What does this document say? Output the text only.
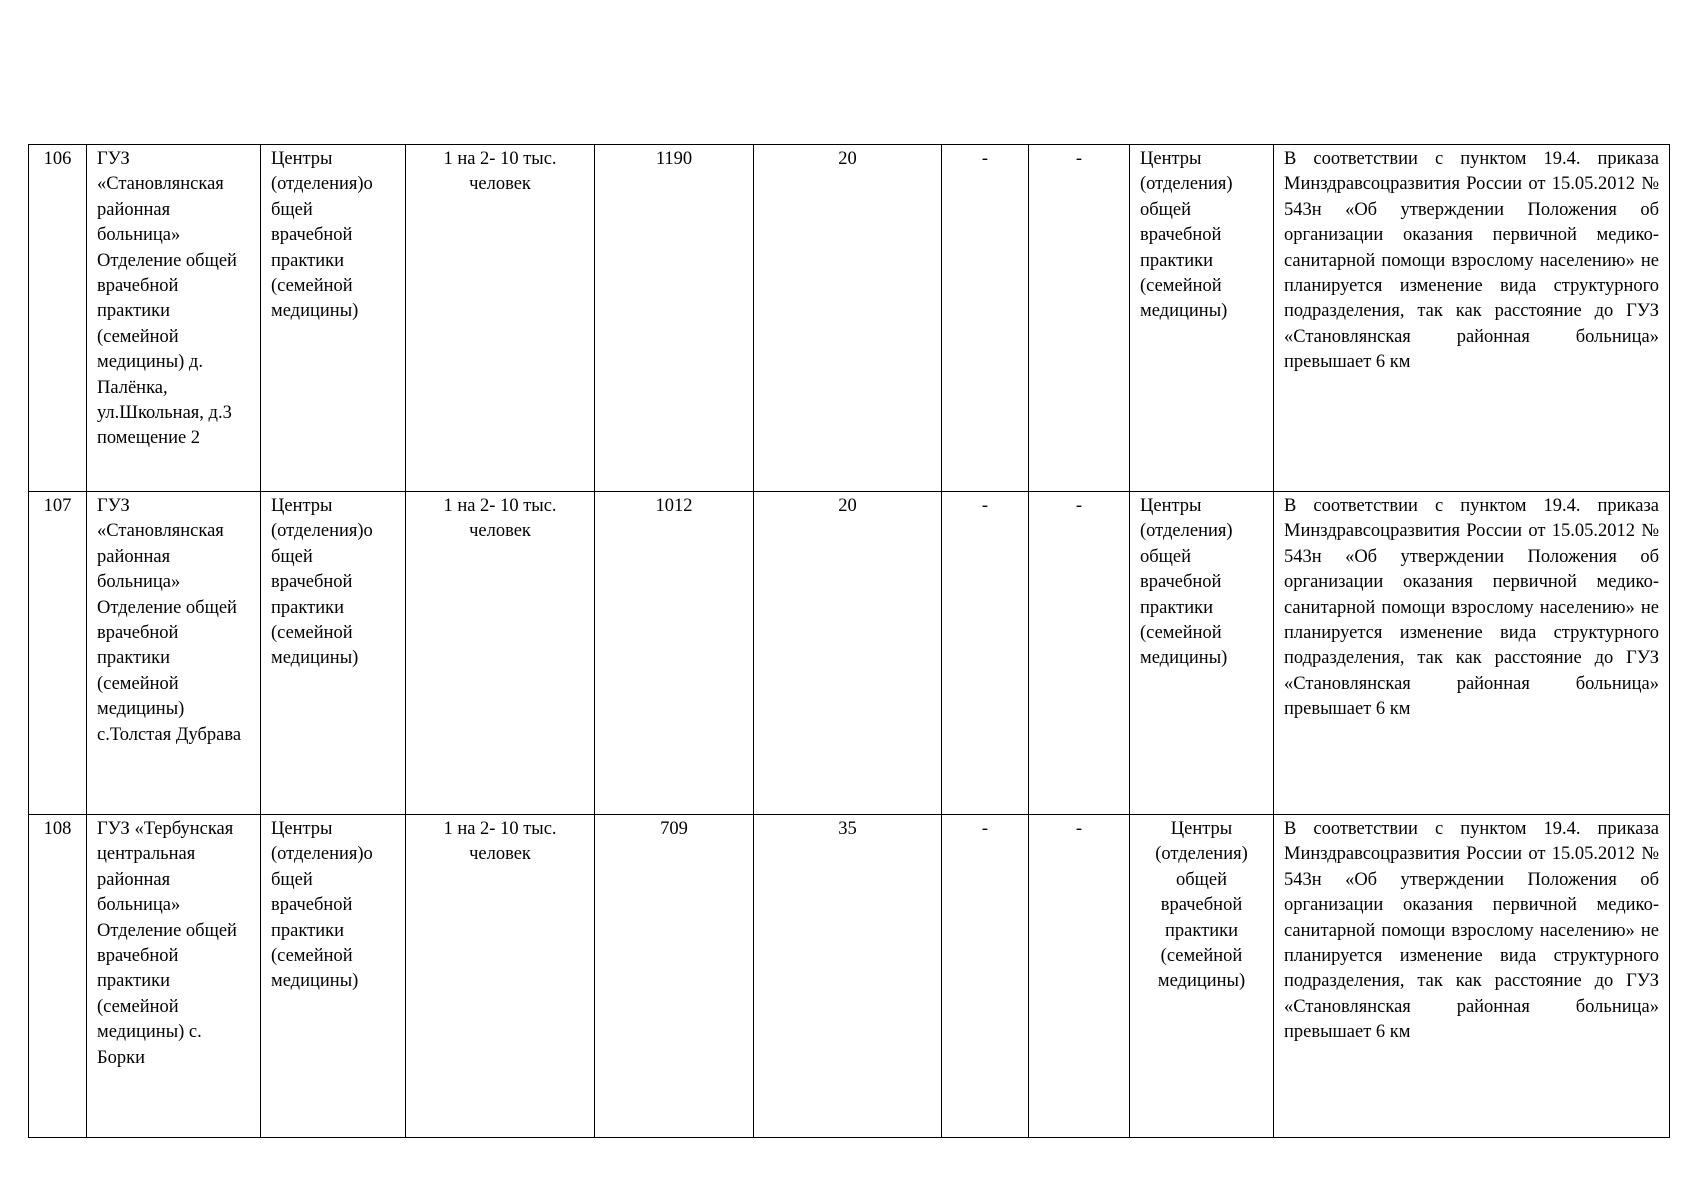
106	ГУЗ «Становлянская районная больница» Отделение общей врачебной практики (семейной медицины) д. Палёнка, ул.Школьная, д.3 помещение 2	Центры (отделения)о бщей врачебной практики (семейной медицины)	1 на 2- 10 тыс. человек	1190	20	-	-	Центры (отделения) общей врачебной практики (семейной медицины)	В соответствии с пунктом 19.4. приказа Минздравсоцразвития России от 15.05.2012 № 543н «Об утверждении Положения об организации оказания первичной медико-санитарной помощи взрослому населению» не планируется изменение вида структурного подразделения, так как расстояние до ГУЗ «Становлянская районная больница» превышает 6 км
107	ГУЗ «Становлянская районная больница» Отделение общей врачебной практики (семейной медицины) с.Толстая Дубрава	Центры (отделения)о бщей врачебной практики (семейной медицины)	1 на 2- 10 тыс. человек	1012	20	-	-	Центры (отделения) общей врачебной практики (семейной медицины)	В соответствии с пунктом 19.4. приказа Минздравсоцразвития России от 15.05.2012 № 543н «Об утверждении Положения об организации оказания первичной медико-санитарной помощи взрослому населению» не планируется изменение вида структурного подразделения, так как расстояние до ГУЗ «Становлянская районная больница» превышает 6 км
108	ГУЗ «Тербунская центральная районная больница» Отделение общей врачебной практики (семейной медицины) с. Борки	Центры (отделения)о бщей врачебной практики (семейной медицины)	1 на 2- 10 тыс. человек	709	35	-	-	Центры (отделения) общей врачебной практики (семейной медицины)	В соответствии с пунктом 19.4. приказа Минздравсоцразвития России от 15.05.2012 № 543н «Об утверждении Положения об организации оказания первичной медико-санитарной помощи взрослому населению» не планируется изменение вида структурного подразделения, так как расстояние до ГУЗ «Становлянская районная больница» превышает 6 км
